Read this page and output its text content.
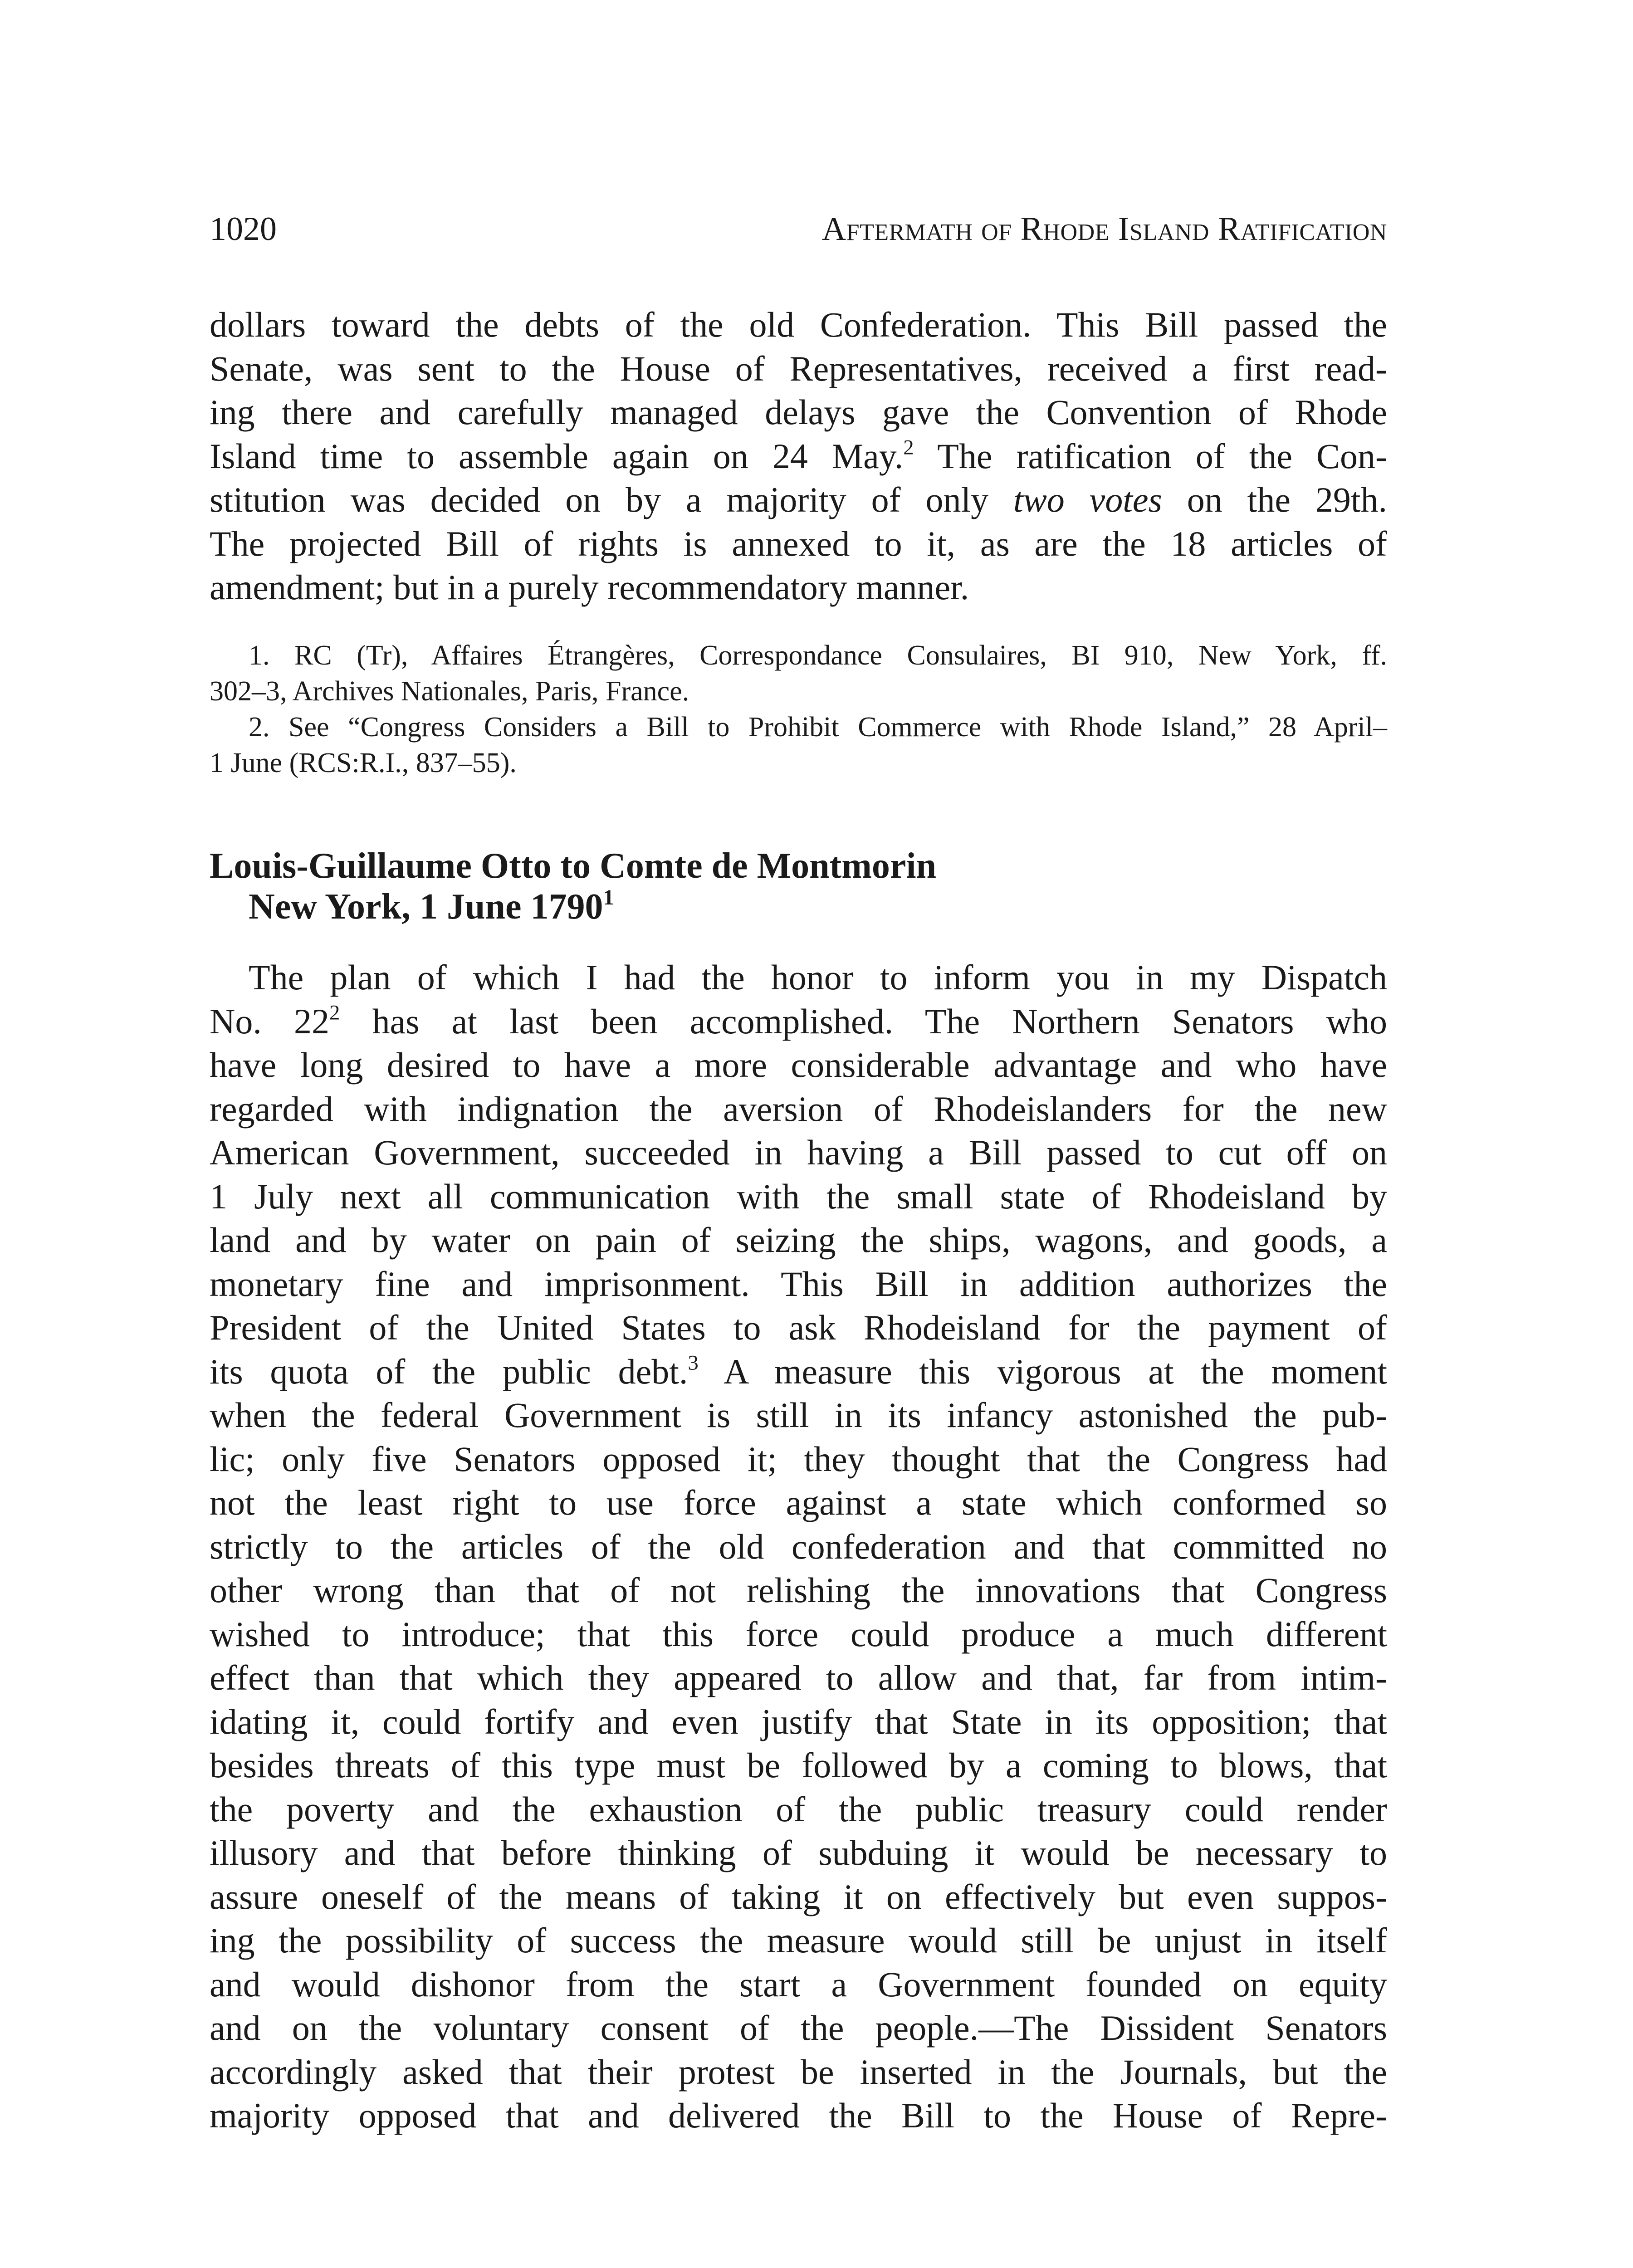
1020	Aftermath of Rhode Island Ratification
dollars toward the debts of the old Confederation. This Bill passed the
Senate, was sent to the House of Representatives, received a first read-
ing there and carefully managed delays gave the Convention of Rhode
Island time to assemble again on 24 May.$^2$ The ratification of the Con-
stitution was decided on by a majority of only two votes on the 29th.
The projected Bill of rights is annexed to it, as are the 18 articles of
amendment; but in a purely recommendatory manner.
1. RC (Tr), Affaires Étrangères, Correspondance Consulaires, BI 910, New York, ff.
302–3, Archives Nationales, Paris, France.
2. See “Congress Considers a Bill to Prohibit Commerce with Rhode Island,” 28 April–
1 June (RCS:R.I., 837–55).
Louis-Guillaume Otto to Comte de Montmorin
New York, 1 June 1790$^1$
The plan of which I had the honor to inform you in my Dispatch
No. $22^2$ has at last been accomplished. The Northern Senators who
have long desired to have a more considerable advantage and who have
regarded with indignation the aversion of Rhodeislanders for the new
American Government, succeeded in having a Bill passed to cut off on
1 July next all communication with the small state of Rhodeisland by
land and by water on pain of seizing the ships, wagons, and goods, a
monetary fine and imprisonment. This Bill in addition authorizes the
President of the United States to ask Rhodeisland for the payment of
its quota of the public debt.$^3$ A measure this vigorous at the moment
when the federal Government is still in its infancy astonished the pub-
lic; only five Senators opposed it; they thought that the Congress had
not the least right to use force against a state which conformed so
strictly to the articles of the old confederation and that committed no
other wrong than that of not relishing the innovations that Congress
wished to introduce; that this force could produce a much different
effect than that which they appeared to allow and that, far from intim-
idating it, could fortify and even justify that State in its opposition; that
besides threats of this type must be followed by a coming to blows, that
the poverty and the exhaustion of the public treasury could render
illusory and that before thinking of subduing it would be necessary to
assure oneself of the means of taking it on effectively but even suppos-
ing the possibility of success the measure would still be unjust in itself
and would dishonor from the start a Government founded on equity
and on the voluntary consent of the people.—The Dissident Senators
accordingly asked that their protest be inserted in the Journals, but the
majority opposed that and delivered the Bill to the House of Repre-
